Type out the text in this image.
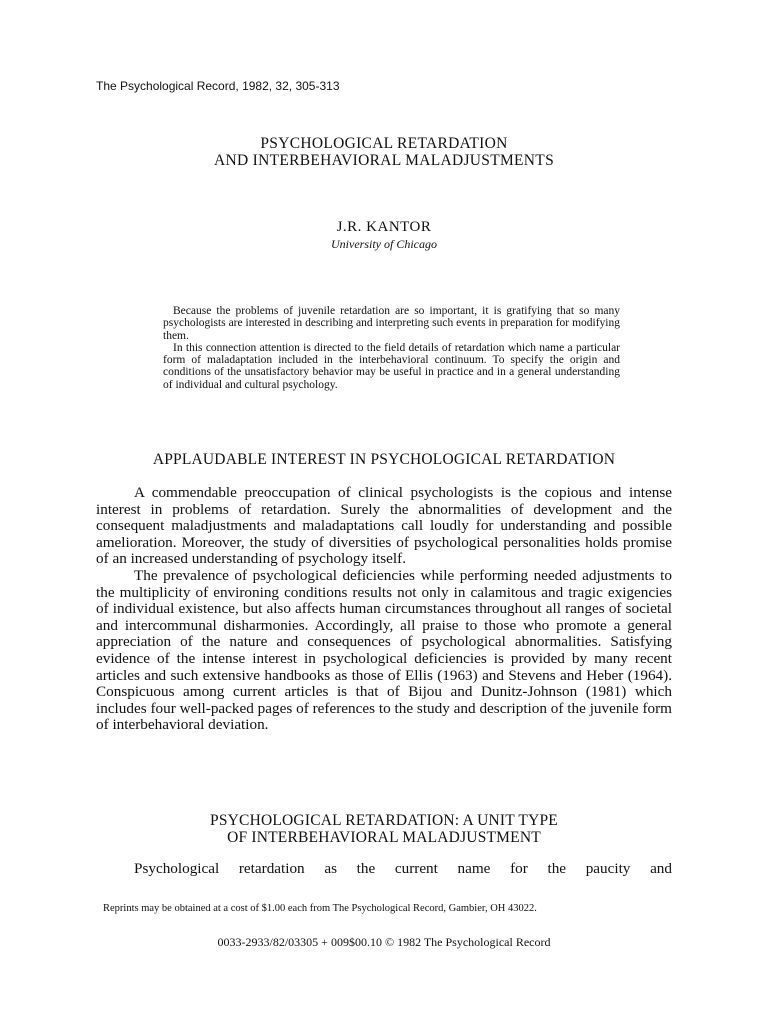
The Psychological Record, 1982, 32, 305-313
PSYCHOLOGICAL RETARDATION
AND INTERBEHAVIORAL MALADJUSTMENTS
J.R. KANTOR
University of Chicago

Because the problems of juvenile retardation are so important, it is gratifying that so many psychologists are interested in describing and interpreting such events in preparation for modifying them.

In this connection attention is directed to the field details of retardation which name a particular form of maladaptation included in the interbehavioral continuum. To specify the origin and conditions of the unsatisfactory behavior may be useful in practice and in a general understanding of individual and cultural psychology.

APPLAUDABLE INTEREST IN PSYCHOLOGICAL RETARDATION

A commendable preoccupation of clinical psychologists is the copious and intense interest in problems of retardation. Surely the abnormalities of development and the consequent maladjustments and maladaptations call loudly for understanding and possible amelioration. Moreover, the study of diversities of psychological personalities holds promise of an increased understanding of psychology itself.

The prevalence of psychological deficiencies while performing needed adjustments to the multiplicity of environing conditions results not only in calamitous and tragic exigencies of individual existence, but also affects human circumstances throughout all ranges of societal and intercommunal disharmonies. Accordingly, all praise to those who promote a general appreciation of the nature and consequences of psychological abnormalities. Satisfying evidence of the intense interest in psychological deficiencies is provided by many recent articles and such extensive handbooks as those of Ellis (1963) and Stevens and Heber (1964). Conspicuous among current articles is that of Bijou and Dunitz-Johnson (1981) which includes four well-packed pages of references to the study and description of the juvenile form of interbehavioral deviation.

PSYCHOLOGICAL RETARDATION: A UNIT TYPE
OF INTERBEHAVIORAL MALADJUSTMENT
Psychological retardation as the current name for the paucity and
Reprints may be obtained at a cost of $1.00 each from The Psychological Record, Gambier, OH 43022.
0033-2933/82/03305 + 009$00.10 © 1982 The Psychological Record
